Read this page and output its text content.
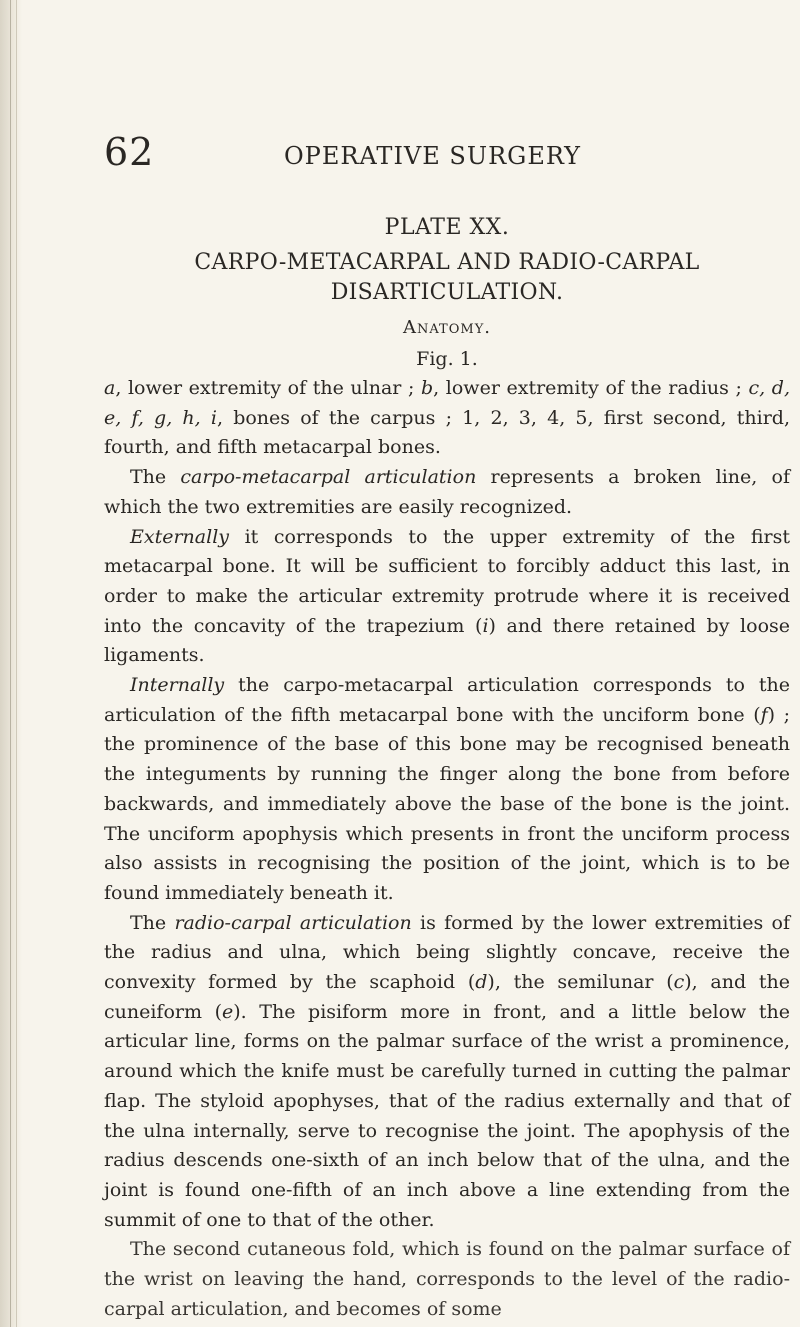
62	OPERATIVE SURGERY

PLATE XX.

CARPO-METACARPAL AND RADIO-CARPAL
DISARTICULATION.

Anatomy.

Fig. 1.

a, lower extremity of the ulnar ; b, lower extremity of the radius ; c, d, e, f, g, h, i, bones of the carpus ; 1, 2, 3, 4, 5, first second, third, fourth, and fifth metacarpal bones.

The carpo-metacarpal articulation represents a broken line, of which the two extremities are easily recognized.

Externally it corresponds to the upper extremity of the first metacarpal bone. It will be sufficient to forcibly adduct this last, in order to make the articular extremity protrude where it is received into the concavity of the trapezium (i) and there retained by loose ligaments.

Internally the carpo-metacarpal articulation corresponds to the articulation of the fifth metacarpal bone with the unciform bone (f) ; the prominence of the base of this bone may be recognised beneath the integuments by running the finger along the bone from before backwards, and immediately above the base of the bone is the joint. The unciform apophysis which presents in front the unciform process also assists in recognising the position of the joint, which is to be found immediately beneath it.

The radio-carpal articulation is formed by the lower extremities of the radius and ulna, which being slightly concave, receive the convexity formed by the scaphoid (d), the semilunar (c), and the cuneiform (e). The pisiform more in front, and a little below the articular line, forms on the palmar surface of the wrist a prominence, around which the knife must be carefully turned in cutting the palmar flap. The styloid apophyses, that of the radius externally and that of the ulna internally, serve to recognise the joint. The apophysis of the radius descends one-sixth of an inch below that of the ulna, and the joint is found one-fifth of an inch above a line extending from the summit of one to that of the other.

The second cutaneous fold, which is found on the palmar surface of the wrist on leaving the hand, corresponds to the level of the radio-carpal articulation, and becomes of some
